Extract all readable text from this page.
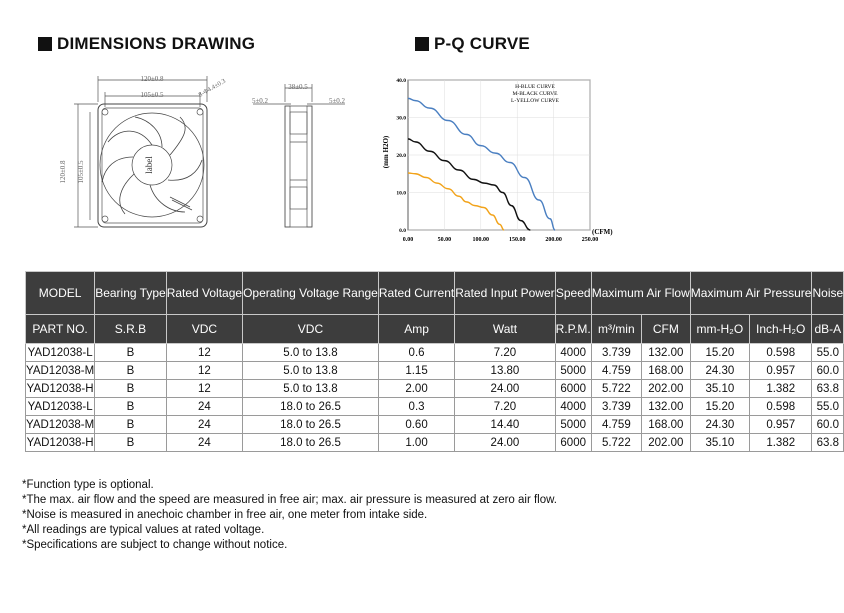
DIMENSIONS DRAWING	P-Q CURVE
120±0.8
105±0.5
120±0.8 105±0.5	label
8-Φ4.4±0.3	38±0.5
5±0.2	5±0.2
0.0
10.0
20.0
30.0
40.0
0.00	50.00	100.00	150.00	200.00	250.00
(mm H2O)
(CFM)
H-BLUE CURVE
M-BLACK CURVE
L-YELLOW CURVE
MODEL	Bearing Type	Rated Voltage	Operating Voltage Range	Rated Current	Rated Input Power	Speed	Maximum Air Flow		Maximum Air Pressure		Noise
PART NO.	S.R.B	VDC	VDC	Amp	Watt	R.P.M.	m³/min	CFM	mm-H₂O	Inch-H₂O	dB-A
YAD12038-L	B	12	5.0 to 13.8	0.6	7.20	4000	3.739	132.00	15.20	0.598	55.0
YAD12038-M	B	12	5.0 to 13.8	1.15	13.80	5000	4.759	168.00	24.30	0.957	60.0
YAD12038-H	B	12	5.0 to 13.8	2.00	24.00	6000	5.722	202.00	35.10	1.382	63.8
YAD12038-L	B	24	18.0 to 26.5	0.3	7.20	4000	3.739	132.00	15.20	0.598	55.0
YAD12038-M	B	24	18.0 to 26.5	0.60	14.40	5000	4.759	168.00	24.30	0.957	60.0
YAD12038-H	B	24	18.0 to 26.5	1.00	24.00	6000	5.722	202.00	35.10	1.382	63.8
*Function type is optional.
*The max. air flow and the speed are measured in free air; max. air pressure is measured at zero air flow.
*Noise is measured in anechoic chamber in free air, one meter from intake side.
*All readings are typical values at rated voltage.
*Specifications are subject to change without notice.
